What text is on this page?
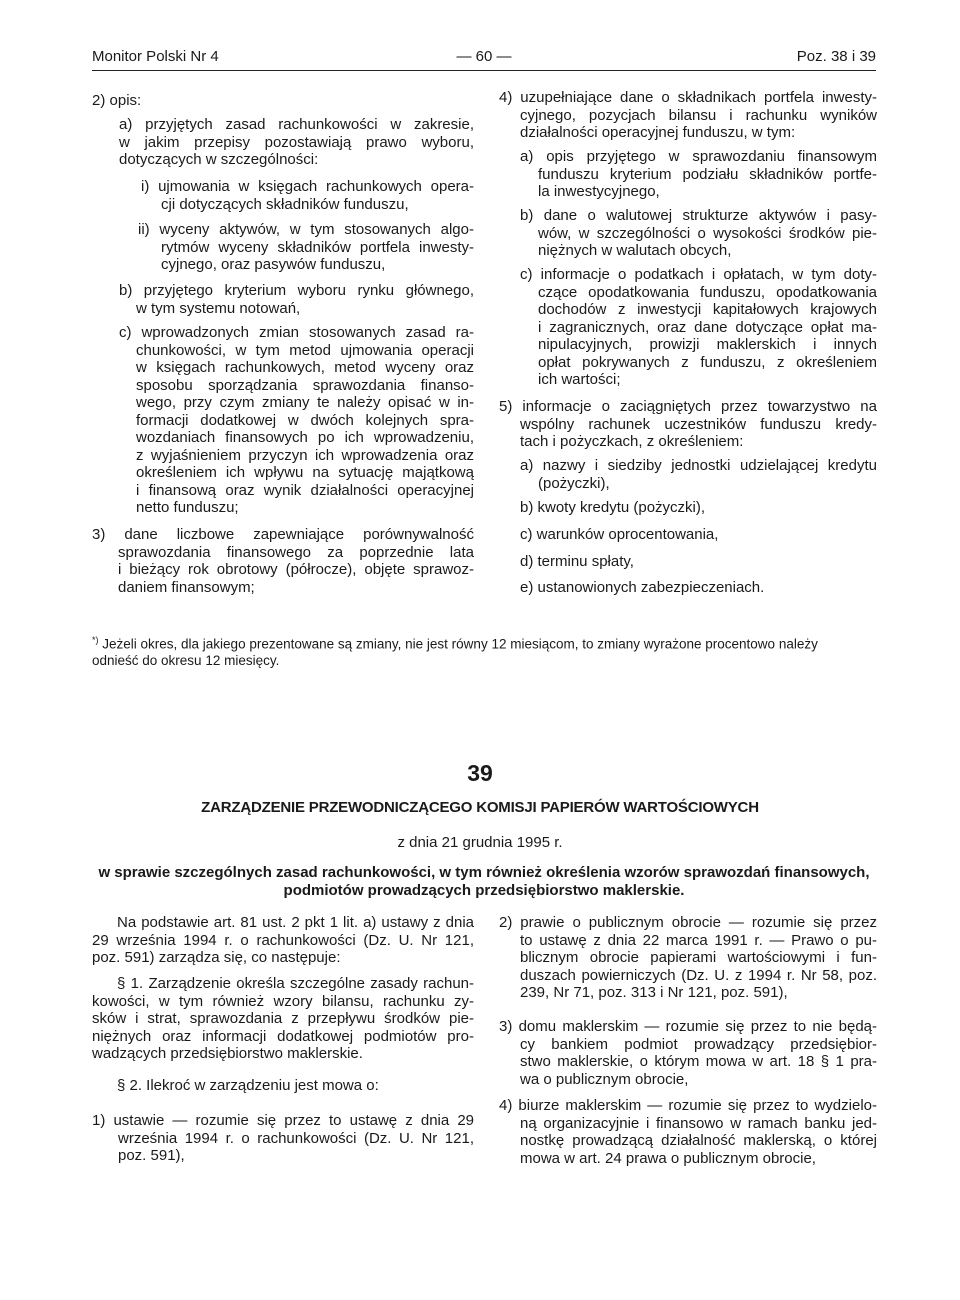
Monitor Polski Nr 4	— 60 —	Poz. 38 i 39

2) opis:

a) przyjętych zasad rachunkowości w zakresie,

w jakim przepisy pozostawiają prawo wyboru,

dotyczących w szczególności:

i) ujmowania w księgach rachunkowych opera-

cji dotyczących składników funduszu,

ii) wyceny aktywów, w tym stosowanych algo-

rytmów wyceny składników portfela inwesty-

cyjnego, oraz pasywów funduszu,

b) przyjętego kryterium wyboru rynku głównego,

w tym systemu notowań,

c) wprowadzonych zmian stosowanych zasad ra-

chunkowości, w tym metod ujmowania operacji

w księgach rachunkowych, metod wyceny oraz

sposobu sporządzania sprawozdania finanso-

wego, przy czym zmiany te należy opisać w in-

formacji dodatkowej w dwóch kolejnych spra-

wozdaniach finansowych po ich wprowadzeniu,

z wyjaśnieniem przyczyn ich wprowadzenia oraz

określeniem ich wpływu na sytuację majątkową

i finansową oraz wynik działalności operacyjnej

netto funduszu;

3) dane liczbowe zapewniające porównywalność

sprawozdania finansowego za poprzednie lata

i bieżący rok obrotowy (półrocze), objęte sprawoz-

daniem finansowym;

4) uzupełniające dane o składnikach portfela inwesty-

cyjnego, pozycjach bilansu i rachunku wyników

działalności operacyjnej funduszu, w tym:

a) opis przyjętego w sprawozdaniu finansowym

funduszu kryterium podziału składników portfe-

la inwestycyjnego,

b) dane o walutowej strukturze aktywów i pasy-

wów, w szczególności o wysokości środków pie-

niężnych w walutach obcych,

c) informacje o podatkach i opłatach, w tym doty-

czące opodatkowania funduszu, opodatkowania

dochodów z inwestycji kapitałowych krajowych

i zagranicznych, oraz dane dotyczące opłat ma-

nipulacyjnych, prowizji maklerskich i innych

opłat pokrywanych z funduszu, z określeniem

ich wartości;

5) informacje o zaciągniętych przez towarzystwo na

wspólny rachunek uczestników funduszu kredy-

tach i pożyczkach, z określeniem:

a) nazwy i siedziby jednostki udzielającej kredytu

(pożyczki),

b) kwoty kredytu (pożyczki),

c) warunków oprocentowania,

d) terminu spłaty,

e) ustanowionych zabezpieczeniach.

*) Jeżeli okres, dla jakiego prezentowane są zmiany, nie jest równy 12 miesiącom, to zmiany wyrażone procentowo należy
odnieść do okresu 12 miesięcy.
39
ZARZĄDZENIE PRZEWODNICZĄCEGO KOMISJI PAPIERÓW WARTOŚCIOWYCH
z dnia 21 grudnia 1995 r.
w sprawie szczególnych zasad rachunkowości, w tym również określenia wzorów sprawozdań finansowych,
podmiotów prowadzących przedsiębiorstwo maklerskie.

Na podstawie art. 81 ust. 2 pkt 1 lit. a) ustawy z dnia

29 września 1994 r. o rachunkowości (Dz. U. Nr 121,

poz. 591) zarządza się, co następuje:

§ 1. Zarządzenie określa szczególne zasady rachun-

kowości, w tym również wzory bilansu, rachunku zy-

sków i strat, sprawozdania z przepływu środków pie-

niężnych oraz informacji dodatkowej podmiotów pro-

wadzących przedsiębiorstwo maklerskie.

§ 2. Ilekroć w zarządzeniu jest mowa o:

1) ustawie — rozumie się przez to ustawę z dnia 29

września 1994 r. o rachunkowości (Dz. U. Nr 121,

poz. 591),

2) prawie o publicznym obrocie — rozumie się przez

to ustawę z dnia 22 marca 1991 r. — Prawo o pu-

blicznym obrocie papierami wartościowymi i fun-

duszach powierniczych (Dz. U. z 1994 r. Nr 58, poz.

239, Nr 71, poz. 313 i Nr 121, poz. 591),

3) domu maklerskim — rozumie się przez to nie będą-

cy bankiem podmiot prowadzący przedsiębior-

stwo maklerskie, o którym mowa w art. 18 § 1 pra-

wa o publicznym obrocie,

4) biurze maklerskim — rozumie się przez to wydzielo-

ną organizacyjnie i finansowo w ramach banku jed-

nostkę prowadzącą działalność maklerską, o której

mowa w art. 24 prawa o publicznym obrocie,
